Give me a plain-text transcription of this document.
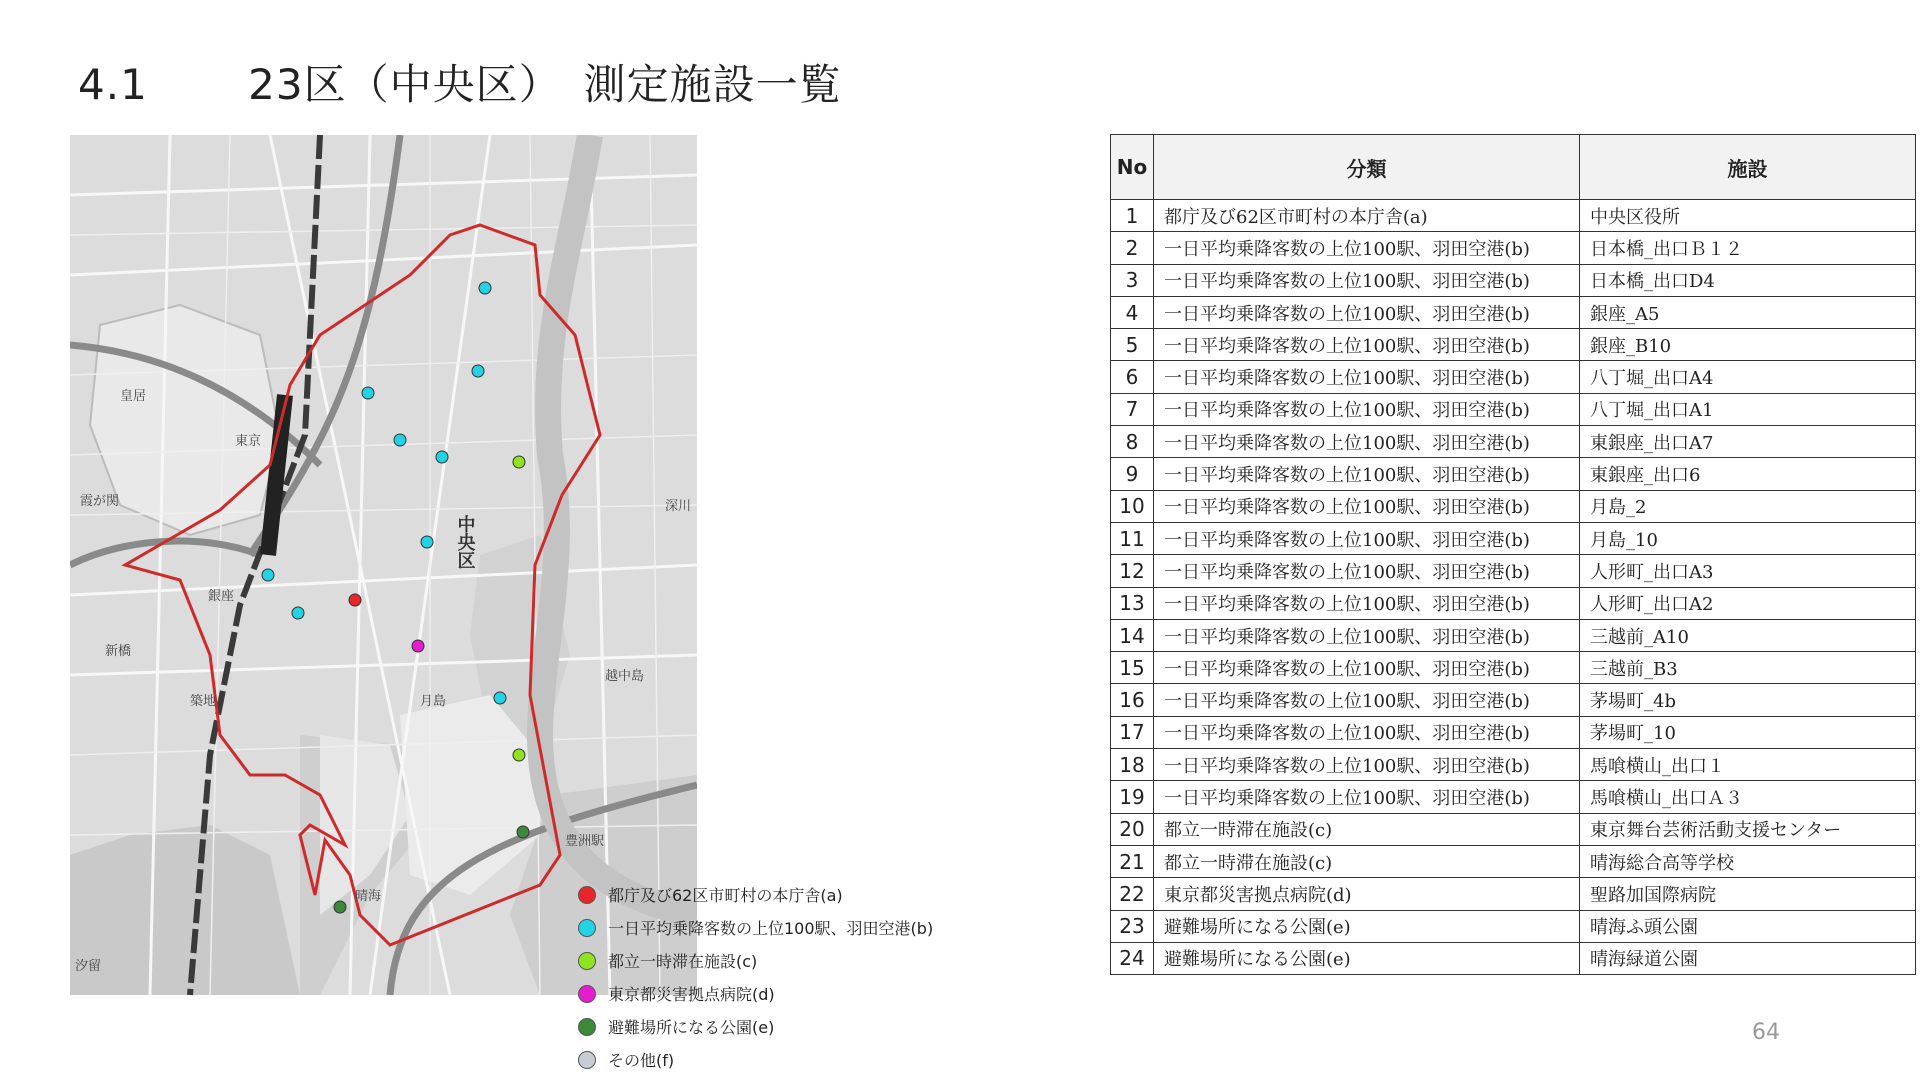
4.1　　 23区（中央区）　測定施設一覧
霞が関
皇居
東京
銀座
新橋
築地	月島
晴海
豊洲駅
深川
越中島
汐留
中央区
都庁及び62区市町村の本庁舎(a)
一日平均乗降客数の上位100駅、羽田空港(b)
都立一時滞在施設(c)
東京都災害拠点病院(d)
避難場所になる公園(e)
その他(f)
No	分類	施設
1	都庁及び62区市町村の本庁舎(a)	中央区役所
2	一日平均乗降客数の上位100駅、羽田空港(b)	日本橋_出口Ｂ１２
3	一日平均乗降客数の上位100駅、羽田空港(b)	日本橋_出口D4
4	一日平均乗降客数の上位100駅、羽田空港(b)	銀座_A5
5	一日平均乗降客数の上位100駅、羽田空港(b)	銀座_B10
6	一日平均乗降客数の上位100駅、羽田空港(b)	八丁堀_出口A4
7	一日平均乗降客数の上位100駅、羽田空港(b)	八丁堀_出口A1
8	一日平均乗降客数の上位100駅、羽田空港(b)	東銀座_出口A7
9	一日平均乗降客数の上位100駅、羽田空港(b)	東銀座_出口6
10	一日平均乗降客数の上位100駅、羽田空港(b)	月島_2
11	一日平均乗降客数の上位100駅、羽田空港(b)	月島_10
12	一日平均乗降客数の上位100駅、羽田空港(b)	人形町_出口A3
13	一日平均乗降客数の上位100駅、羽田空港(b)	人形町_出口A2
14	一日平均乗降客数の上位100駅、羽田空港(b)	三越前_A10
15	一日平均乗降客数の上位100駅、羽田空港(b)	三越前_B3
16	一日平均乗降客数の上位100駅、羽田空港(b)	茅場町_4b
17	一日平均乗降客数の上位100駅、羽田空港(b)	茅場町_10
18	一日平均乗降客数の上位100駅、羽田空港(b)	馬喰横山_出口１
19	一日平均乗降客数の上位100駅、羽田空港(b)	馬喰横山_出口Ａ３
20	都立一時滞在施設(c)	東京舞台芸術活動支援センター
21	都立一時滞在施設(c)	晴海総合高等学校
22	東京都災害拠点病院(d)	聖路加国際病院
23	避難場所になる公園(e)	晴海ふ頭公園
24	避難場所になる公園(e)	晴海緑道公園
64
